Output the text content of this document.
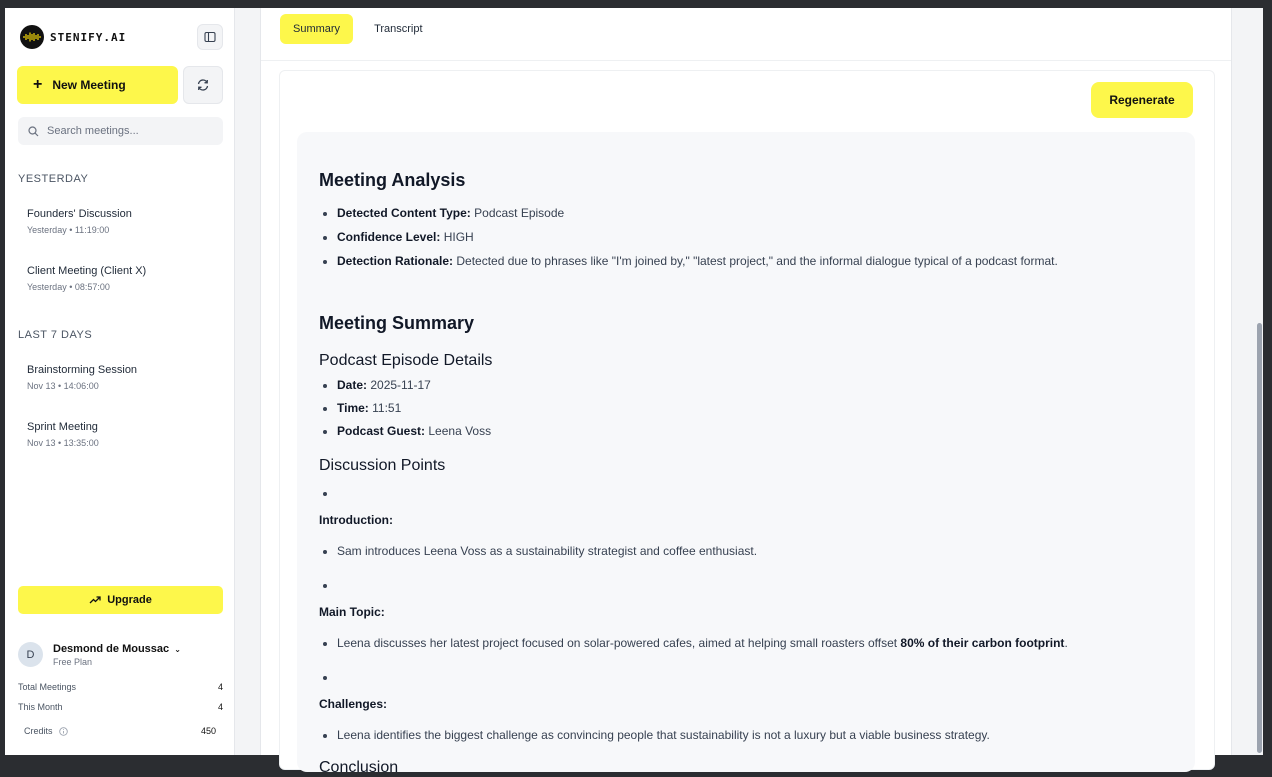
STENIFY.AI
+ New Meeting
Search meetings...
YESTERDAY
Founders' Discussion
Yesterday • 11:19:00
Client Meeting (Client X)
Yesterday • 08:57:00
LAST 7 DAYS
Brainstorming Session
Nov 13 • 14:06:00
Sprint Meeting
Nov 13 • 13:35:00
Upgrade
D	Desmond de Moussac ⌄
Free Plan
Total Meetings	4
This Month	4
Credits	450
Summary	Transcript
Regenerate
Meeting Analysis
• Detected Content Type: Podcast Episode
• Confidence Level: HIGH
• Detection Rationale: Detected due to phrases like "I'm joined by," "latest project," and the informal dialogue typical of a podcast format.
Meeting Summary
Podcast Episode Details
• Date: 2025-11-17
• Time: 11:51
• Podcast Guest: Leena Voss
Discussion Points
•

Introduction:

• Sam introduces Leena Voss as a sustainability strategist and coffee enthusiast.
•

Main Topic:

• Leena discusses her latest project focused on solar-powered cafes, aimed at helping small roasters offset 80% of their carbon footprint.
•

Challenges:

• Leena identifies the biggest challenge as convincing people that sustainability is not a luxury but a viable business strategy.
Conclusion
